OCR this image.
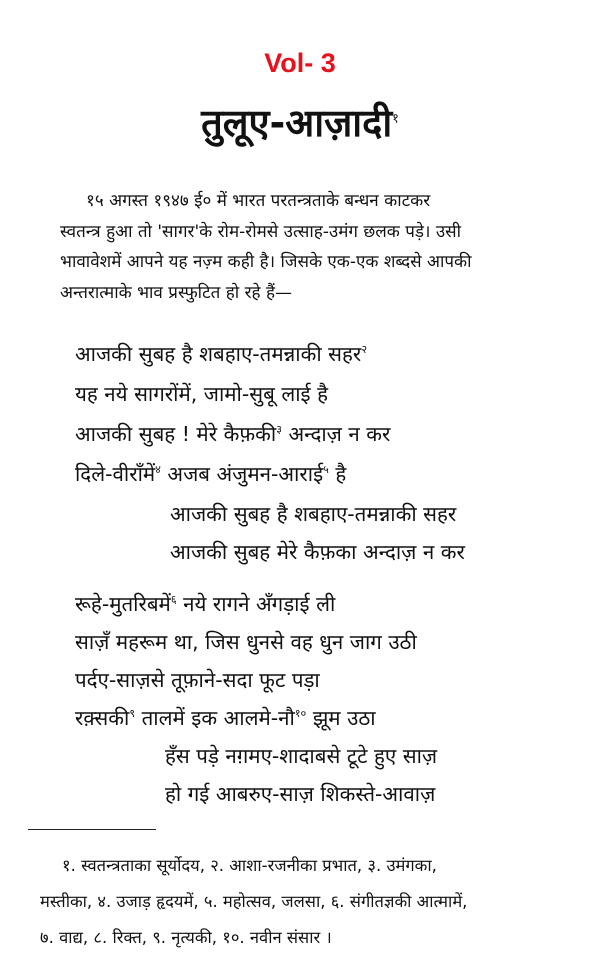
Vol- 3
तुलूए-आज़ादी$^१$
१५ अगस्त १९४७ ई० में भारत परतन्त्रताके बन्धन काटकर
स्वतन्त्र हुआ तो 'सागर'के रोम-रोमसे उत्साह-उमंग छलक पड़े। उसी
भावावेशमें आपने यह नज़्म कही है। जिसके एक-एक शब्दसे आपकी
अन्तरात्माके भाव प्रस्फुटित हो रहे हैं—
आजकी सुबह है शबहाए-तमन्नाकी सहर$^२$
यह नये सागरोंमें, जामो-सुबू लाई है
आजकी सुबह ! मेरे कैफ़की$^३$ अन्दाज़ न कर
दिले-वीराँमें$^४$ अजब अंजुमन-आराई$^५$ है
आजकी सुबह है शबहाए-तमन्नाकी सहर
आजकी सुबह मेरे कैफ़का अन्दाज़ न कर
रूहे-मुतरिबमें$^६$ नये रागने अँगड़ाई ली
साज़ँ महरूम था, जिस धुनसे वह धुन जाग उठी
पर्दए-साज़से तूफ़ाने-सदा फूट पड़ा
रक़्सकी$^९$ तालमें इक आलमे-नौ$^{१०}$ झूम उठा
हँस पड़े नग़मए-शादाबसे टूटे हुए साज़
हो गई आबरुए-साज़ शिकस्ते-आवाज़
१. स्वतन्त्रताका सूर्योदय, २. आशा-रजनीका प्रभात, ३. उमंगका,
मस्तीका, ४. उजाड़ हृदयमें, ५. महोत्सव, जलसा, ६. संगीतज्ञकी आत्मामें,
७. वाद्य, ८. रिक्त, ९. नृत्यकी, १०. नवीन संसार ।
